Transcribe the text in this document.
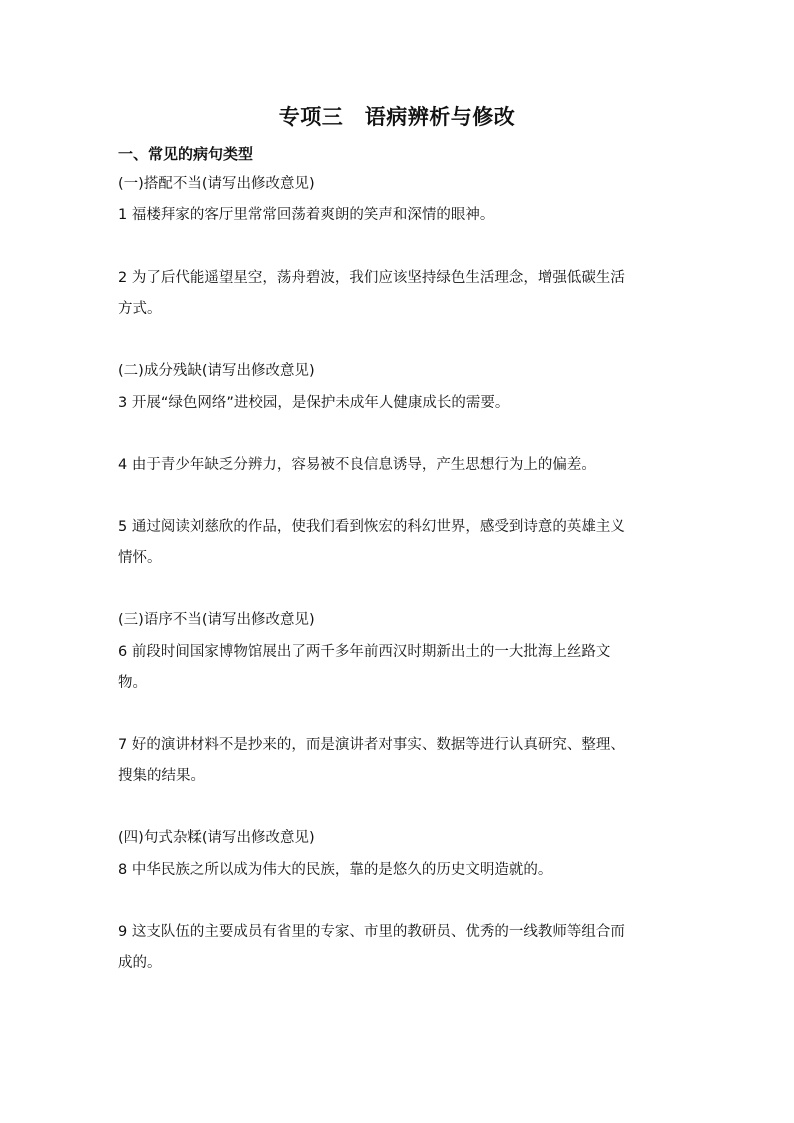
专项三　语病辨析与修改
一、常见的病句类型
(一)搭配不当(请写出修改意见)
1 福楼拜家的客厅里常常回荡着爽朗的笑声和深情的眼神。
2 为了后代能遥望星空，荡舟碧波，我们应该坚持绿色生活理念，增强低碳生活
方式。
(二)成分残缺(请写出修改意见)
3 开展“绿色网络”进校园，是保护未成年人健康成长的需要。
4 由于青少年缺乏分辨力，容易被不良信息诱导，产生思想行为上的偏差。
5 通过阅读刘慈欣的作品，使我们看到恢宏的科幻世界，感受到诗意的英雄主义
情怀。
(三)语序不当(请写出修改意见)
6 前段时间国家博物馆展出了两千多年前西汉时期新出土的一大批海上丝路文
物。
7 好的演讲材料不是抄来的，而是演讲者对事实、数据等进行认真研究、整理、
搜集的结果。
(四)句式杂糅(请写出修改意见)
8 中华民族之所以成为伟大的民族，靠的是悠久的历史文明造就的。
9 这支队伍的主要成员有省里的专家、市里的教研员、优秀的一线教师等组合而
成的。
